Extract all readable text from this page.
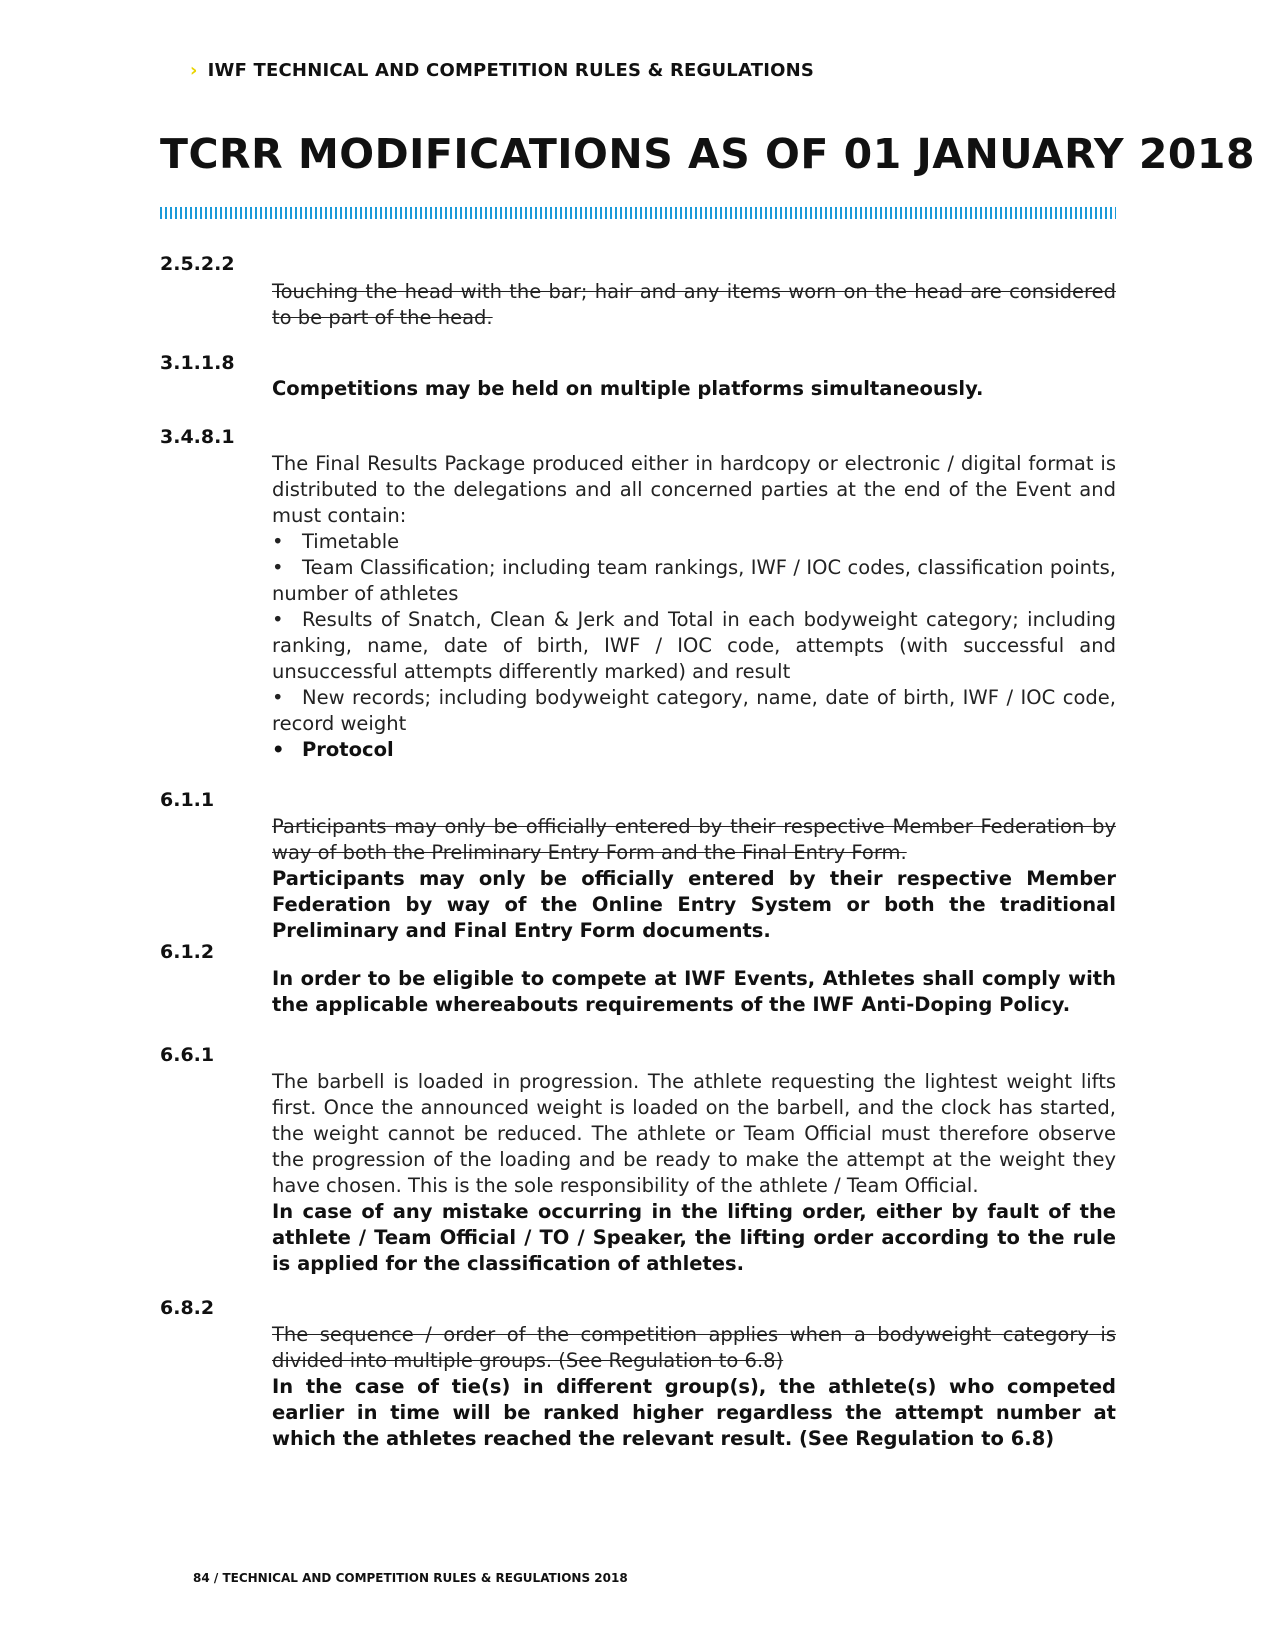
› IWF TECHNICAL AND COMPETITION RULES & REGULATIONS
TCRR MODIFICATIONS AS OF 01 JANUARY 2018
2.5.2.2

Touching the head with the bar; hair and any items worn on the head are considered to be part of the head.

3.1.1.8

Competitions may be held on multiple platforms simultaneously.

3.4.8.1

The Final Results Package produced either in hardcopy or electronic / digital format is distributed to the delegations and all concerned parties at the end of the Event and must contain:

• Timetable
• Team Classification; including team rankings, IWF / IOC codes, classification points, number of athletes
• Results of Snatch, Clean & Jerk and Total in each bodyweight category; including ranking, name, date of birth, IWF / IOC code, attempts (with successful and unsuccessful attempts differently marked) and result
• New records; including bodyweight category, name, date of birth, IWF / IOC code, record weight
• Protocol
6.1.1

Participants may only be officially entered by their respective Member Federation by way of both the Preliminary Entry Form and the Final Entry Form.

Participants may only be officially entered by their respective Member Federation by way of the Online Entry System or both the traditional Preliminary and Final Entry Form documents.

6.1.2

In order to be eligible to compete at IWF Events, Athletes shall comply with the applicable whereabouts requirements of the IWF Anti-Doping Policy.

6.6.1

The barbell is loaded in progression. The athlete requesting the lightest weight lifts first. Once the announced weight is loaded on the barbell, and the clock has started, the weight cannot be reduced. The athlete or Team Official must therefore observe the progression of the loading and be ready to make the attempt at the weight they have chosen. This is the sole responsibility of the athlete / Team Official.

In case of any mistake occurring in the lifting order, either by fault of the athlete / Team Official / TO / Speaker, the lifting order according to the rule is applied for the classification of athletes.

6.8.2

The sequence / order of the competition applies when a bodyweight category is divided into multiple groups. (See Regulation to 6.8)

In the case of tie(s) in different group(s), the athlete(s) who competed earlier in time will be ranked higher regardless the attempt number at which the athletes reached the relevant result. (See Regulation to 6.8)

84 / TECHNICAL AND COMPETITION RULES & REGULATIONS 2018
